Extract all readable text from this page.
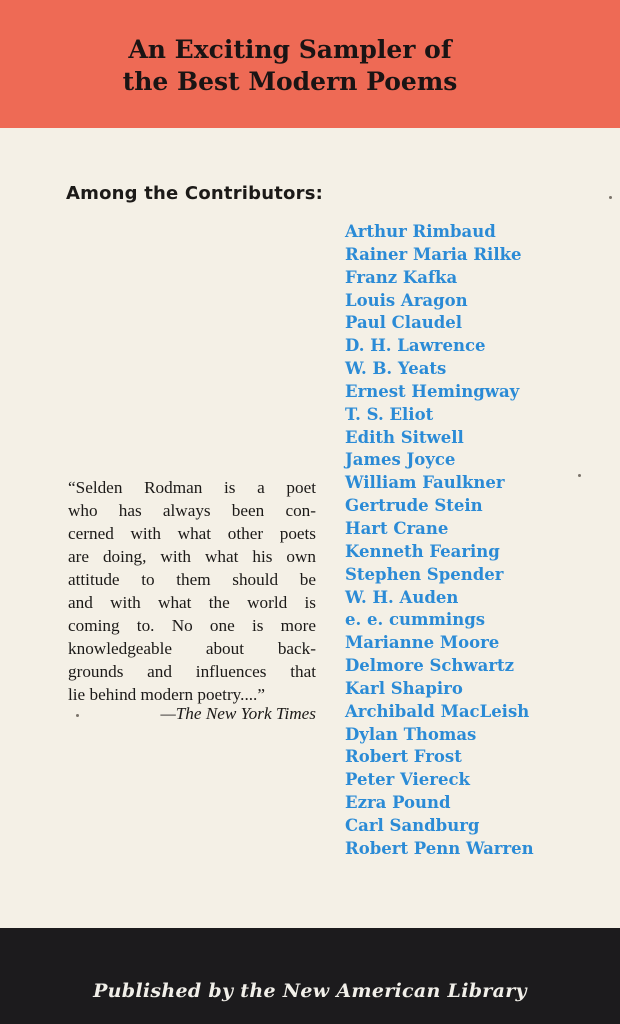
An Exciting Sampler of
the Best Modern Poems
Among the Contributors:
Arthur Rimbaud
Rainer Maria Rilke
Franz Kafka
Louis Aragon
Paul Claudel
D. H. Lawrence
W. B. Yeats
Ernest Hemingway
T. S. Eliot
Edith Sitwell
James Joyce
William Faulkner
Gertrude Stein
Hart Crane
Kenneth Fearing
Stephen Spender
W. H. Auden
e. e. cummings
Marianne Moore
Delmore Schwartz
Karl Shapiro
Archibald MacLeish
Dylan Thomas
Robert Frost
Peter Viereck
Ezra Pound
Carl Sandburg
Robert Penn Warren
“Selden Rodman is a poet
who has always been con-
cerned with what other poets
are doing, with what his own
attitude to them should be
and with what the world is
coming to. No one is more
knowledgeable about back-
grounds and influences that
lie behind modern poetry....”
—The New York Times
Published by the New American Library
